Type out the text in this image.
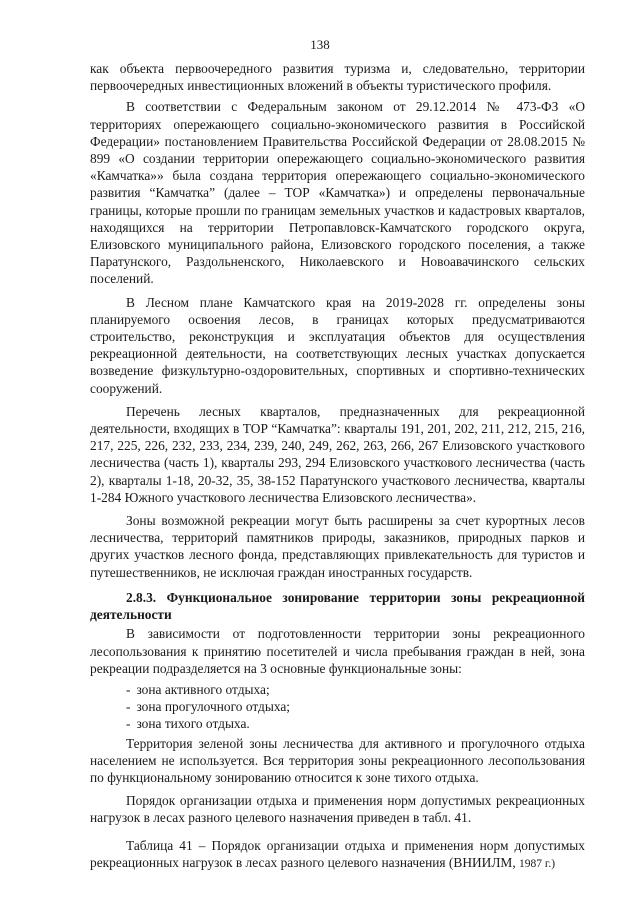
138

как объекта первоочередного развития туризма и, следовательно, территории первоочередных инвестиционных вложений в объекты туристического профиля.

В соответствии с Федеральным законом от 29.12.2014 № 473-ФЗ «О территориях опережающего социально-экономического развития в Российской Федерации» постановлением Правительства Российской Федерации от 28.08.2015 № 899 «О создании территории опережающего социально-экономического развития «Камчатка»» была создана территория опережающего социально-экономического развития “Камчатка” (далее – ТОР «Камчатка») и определены первоначальные границы, которые прошли по границам земельных участков и кадастровых кварталов, находящихся на территории Петропавловск-Камчатского городского округа, Елизовского муниципального района, Елизовского городского поселения, а также Паратунского, Раздольненского, Николаевского и Новоавачинского сельских поселений.

В Лесном плане Камчатского края на 2019-2028 гг. определены зоны планируемого освоения лесов, в границах которых предусматриваются строительство, реконструкция и эксплуатация объектов для осуществления рекреационной деятельности, на соответствующих лесных участках допускается возведение физкультурно-оздоровительных, спортивных и спортивно-технических сооружений.

Перечень лесных кварталов, предназначенных для рекреационной деятельности, входящих в ТОР “Камчатка”: кварталы 191, 201, 202, 211, 212, 215, 216, 217, 225, 226, 232, 233, 234, 239, 240, 249, 262, 263, 266, 267 Елизовского участкового лесничества (часть 1), кварталы 293, 294 Елизовского участкового лесничества (часть 2), кварталы 1-18, 20-32, 35, 38-152 Паратунского участкового лесничества, кварталы 1-284 Южного участкового лесничества Елизовского лесничества».

Зоны возможной рекреации могут быть расширены за счет курортных лесов лесничества, территорий памятников природы, заказников, природных парков и других участков лесного фонда, представляющих привлекательность для туристов и путешественников, не исключая граждан иностранных государств.

2.8.3. Функциональное зонирование территории зоны рекреационной деятельности

В зависимости от подготовленности территории зоны рекреационного лесопользования к принятию посетителей и числа пребывания граждан в ней, зона рекреации подразделяется на 3 основные функциональные зоны:

- зона активного отдыха;
- зона прогулочного отдыха;
- зона тихого отдыха.

Территория зеленой зоны лесничества для активного и прогулочного отдыха населением не используется. Вся территория зоны рекреационного лесопользования по функциональному зонированию относится к зоне тихого отдыха.

Порядок организации отдыха и применения норм допустимых рекреационных нагрузок в лесах разного целевого назначения приведен в табл. 41.

Таблица 41 – Порядок организации отдыха и применения норм допустимых рекреационных нагрузок в лесах разного целевого назначения (ВНИИЛМ, 1987 г.)
